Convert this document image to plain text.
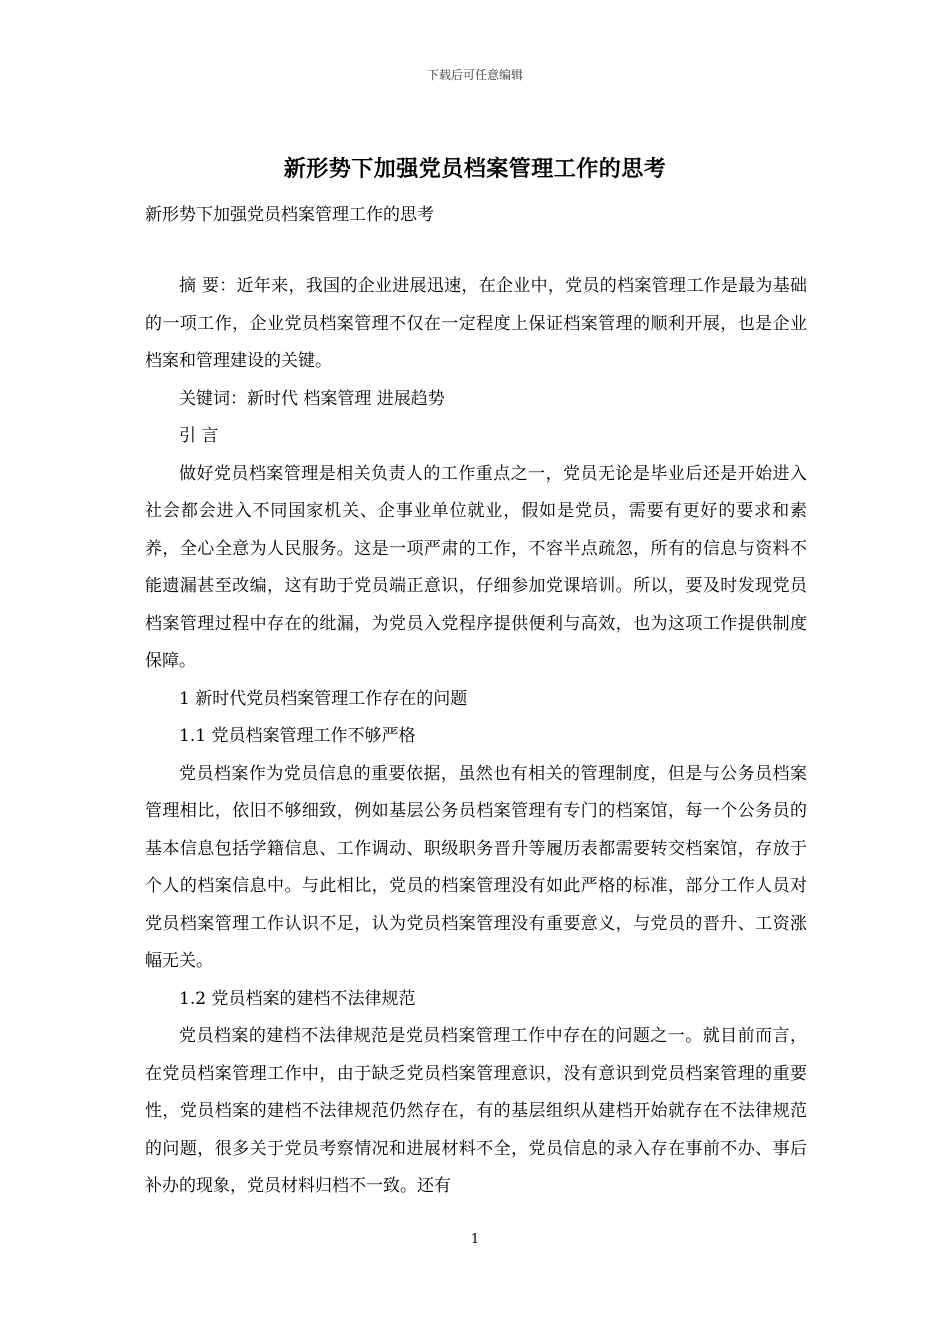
下载后可任意编辑
新形势下加强党员档案管理工作的思考
新形势下加强党员档案管理工作的思考

摘 要：近年来，我国的企业进展迅速，在企业中，党员的档案管理工作是最为基础的一项工作，企业党员档案管理不仅在一定程度上保证档案管理的顺利开展，也是企业档案和管理建设的关键。

关键词：新时代 档案管理 进展趋势

引 言

做好党员档案管理是相关负责人的工作重点之一，党员无论是毕业后还是开始进入社会都会进入不同国家机关、企事业单位就业，假如是党员，需要有更好的要求和素养，全心全意为人民服务。这是一项严肃的工作，不容半点疏忽，所有的信息与资料不能遗漏甚至改编，这有助于党员端正意识，仔细参加党课培训。所以，要及时发现党员档案管理过程中存在的纰漏，为党员入党程序提供便利与高效，也为这项工作提供制度保障。

1 新时代党员档案管理工作存在的问题

1.1 党员档案管理工作不够严格

党员档案作为党员信息的重要依据，虽然也有相关的管理制度，但是与公务员档案管理相比，依旧不够细致，例如基层公务员档案管理有专门的档案馆，每一个公务员的基本信息包括学籍信息、工作调动、职级职务晋升等履历表都需要转交档案馆，存放于个人的档案信息中。与此相比，党员的档案管理没有如此严格的标准，部分工作人员对党员档案管理工作认识不足，认为党员档案管理没有重要意义，与党员的晋升、工资涨幅无关。

1.2 党员档案的建档不法律规范

党员档案的建档不法律规范是党员档案管理工作中存在的问题之一。就目前而言，在党员档案管理工作中，由于缺乏党员档案管理意识，没有意识到党员档案管理的重要性，党员档案的建档不法律规范仍然存在，有的基层组织从建档开始就存在不法律规范的问题，很多关于党员考察情况和进展材料不全，党员信息的录入存在事前不办、事后补办的现象，党员材料归档不一致。还有

1
